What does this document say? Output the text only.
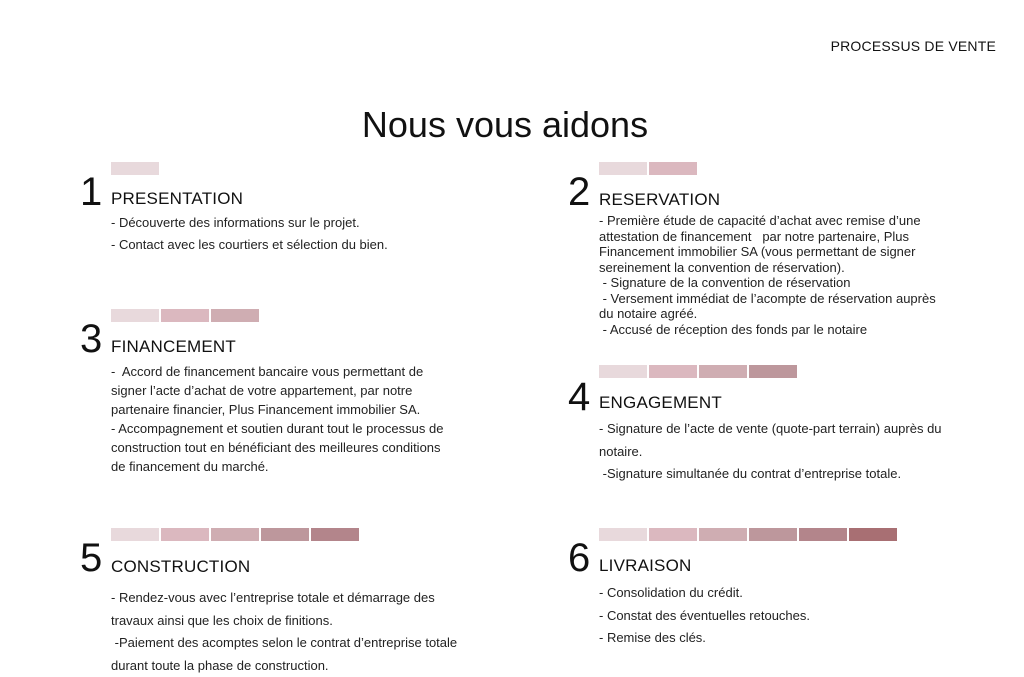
PROCESSUS DE VENTE
Nous vous aidons
1 PRESENTATION
- Découverte des informations sur le projet.
- Contact avec les courtiers et sélection du bien.
2 RESERVATION
- Première étude de capacité d’achat avec remise d’une
attestation de financement   par notre partenaire, Plus
Financement immobilier SA (vous permettant de signer
sereinement la convention de réservation).
- Signature de la convention de réservation
- Versement immédiat de l’acompte de réservation auprès
du notaire agréé.
- Accusé de réception des fonds par le notaire
3 FINANCEMENT
-  Accord de financement bancaire vous permettant de
signer l’acte d’achat de votre appartement, par notre
partenaire financier, Plus Financement immobilier SA.
- Accompagnement et soutien durant tout le processus de
construction tout en bénéficiant des meilleures conditions
de financement du marché.
4 ENGAGEMENT
- Signature de l’acte de vente (quote-part terrain) auprès du
notaire.
-Signature simultanée du contrat d’entreprise totale.
5 CONSTRUCTION
- Rendez-vous avec l’entreprise totale et démarrage des
travaux ainsi que les choix de finitions.
-Paiement des acomptes selon le contrat d’entreprise totale
durant toute la phase de construction.
6 LIVRAISON
- Consolidation du crédit.
- Constat des éventuelles retouches.
- Remise des clés.
